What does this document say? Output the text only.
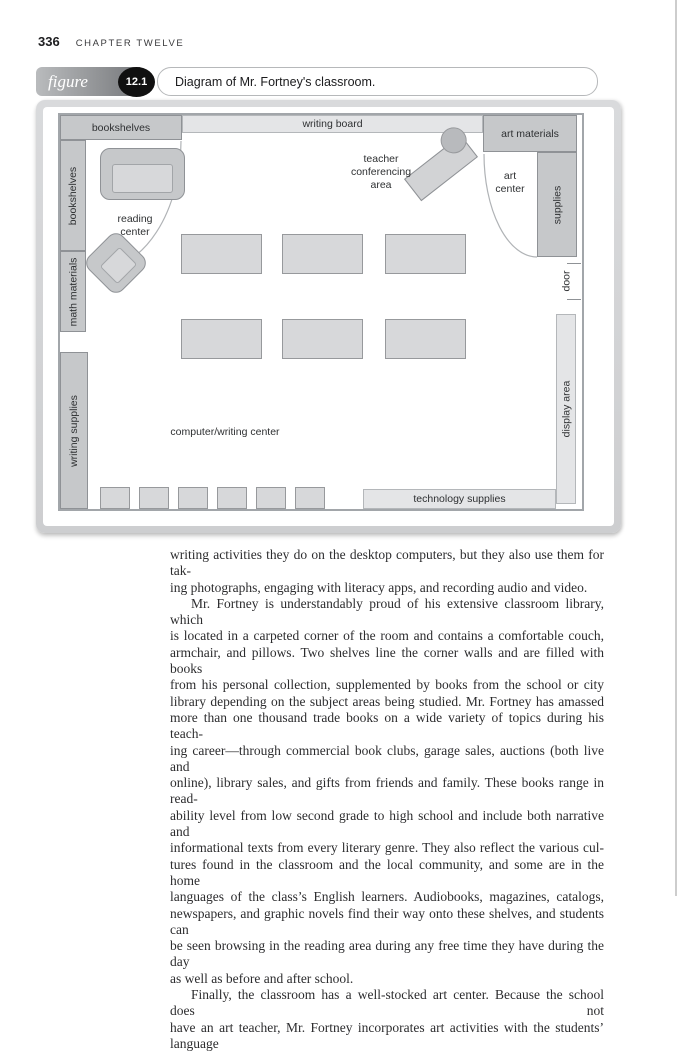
336 CHAPTER TWELVE
figure	12.1	Diagram of Mr. Fortney's classroom.
bookshelves
bookshelves
math materials
writing supplies
writing board
art materials
supplies
display area
technology supplies
door
reading
center
teacher
conferencing
area
art
center
computer/writing center
writing activities they do on the desktop computers, but they also use them for tak-
ing photographs, engaging with literacy apps, and recording audio and video.
Mr. Fortney is understandably proud of his extensive classroom library, which
is located in a carpeted corner of the room and contains a comfortable couch,
armchair, and pillows. Two shelves line the corner walls and are filled with books
from his personal collection, supplemented by books from the school or city
library depending on the subject areas being studied. Mr. Fortney has amassed
more than one thousand trade books on a wide variety of topics during his teach-
ing career—through commercial book clubs, garage sales, auctions (both live and
online), library sales, and gifts from friends and family. These books range in read-
ability level from low second grade to high school and include both narrative and
informational texts from every literary genre. They also reflect the various cul-
tures found in the classroom and the local community, and some are in the home
languages of the class’s English learners. Audiobooks, magazines, catalogs,
newspapers, and graphic novels find their way onto these shelves, and students can
be seen browsing in the reading area during any free time they have during the day
as well as before and after school.
Finally, the classroom has a well-stocked art center. Because the school does not
have an art teacher, Mr. Fortney incorporates art activities with the students’ language
